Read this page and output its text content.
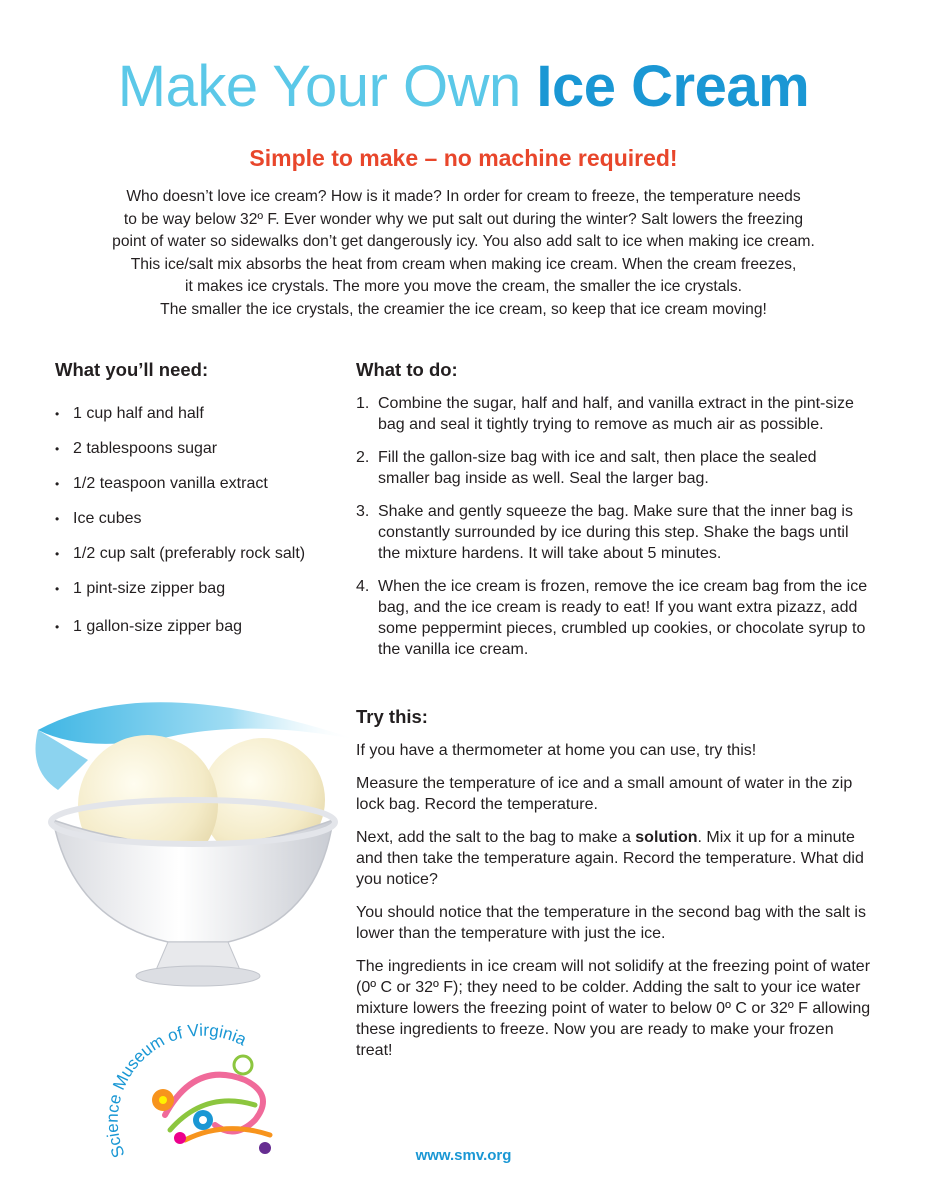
Make Your Own Ice Cream

Simple to make – no machine required!

Who doesn’t love ice cream? How is it made? In order for cream to freeze, the temperature needs
to be way below 32º F. Ever wonder why we put salt out during the winter? Salt lowers the freezing
point of water so sidewalks don’t get dangerously icy. You also add salt to ice when making ice cream.
This ice/salt mix absorbs the heat from cream when making ice cream. When the cream freezes,
it makes ice crystals. The more you move the cream, the smaller the ice crystals.
The smaller the ice crystals, the creamier the ice cream, so keep that ice cream moving!

What you’ll need:
• 1 cup half and half
• 2 tablespoons sugar
• 1/2 teaspoon vanilla extract
• Ice cubes
• 1/2 cup salt (preferably rock salt)
• 1 pint-size zipper bag
• 1 gallon-size zipper bag
What to do:
1. Combine the sugar, half and half, and vanilla extract in the pint-size bag and seal it tightly trying to remove as much air as possible.
2. Fill the gallon-size bag with ice and salt, then place the sealed smaller bag inside as well. Seal the larger bag.
3. Shake and gently squeeze the bag. Make sure that the inner bag is constantly surrounded by ice during this step. Shake the bags until the mixture hardens. It will take about 5 minutes.
4. When the ice cream is frozen, remove the ice cream bag from the ice bag, and the ice cream is ready to eat! If you want extra pizazz, add some peppermint pieces, crumbled up cookies, or chocolate syrup to the vanilla ice cream.
Try this:

If you have a thermometer at home you can use, try this!

Measure the temperature of ice and a small amount of water in the zip lock bag. Record the temperature.

Next, add the salt to the bag to make a solution. Mix it up for a minute and then take the temperature again. Record the temperature. What did you notice?

You should notice that the temperature in the second bag with the salt is lower than the temperature with just the ice.

The ingredients in ice cream will not solidify at the freezing point of water (0º C or 32º F); they need to be colder. Adding the salt to your ice water mixture lowers the freezing point of water to below 0º C or 32º F allowing these ingredients to freeze. Now you are ready to make your frozen treat!

Science Museum of Virginia
www.smv.org
